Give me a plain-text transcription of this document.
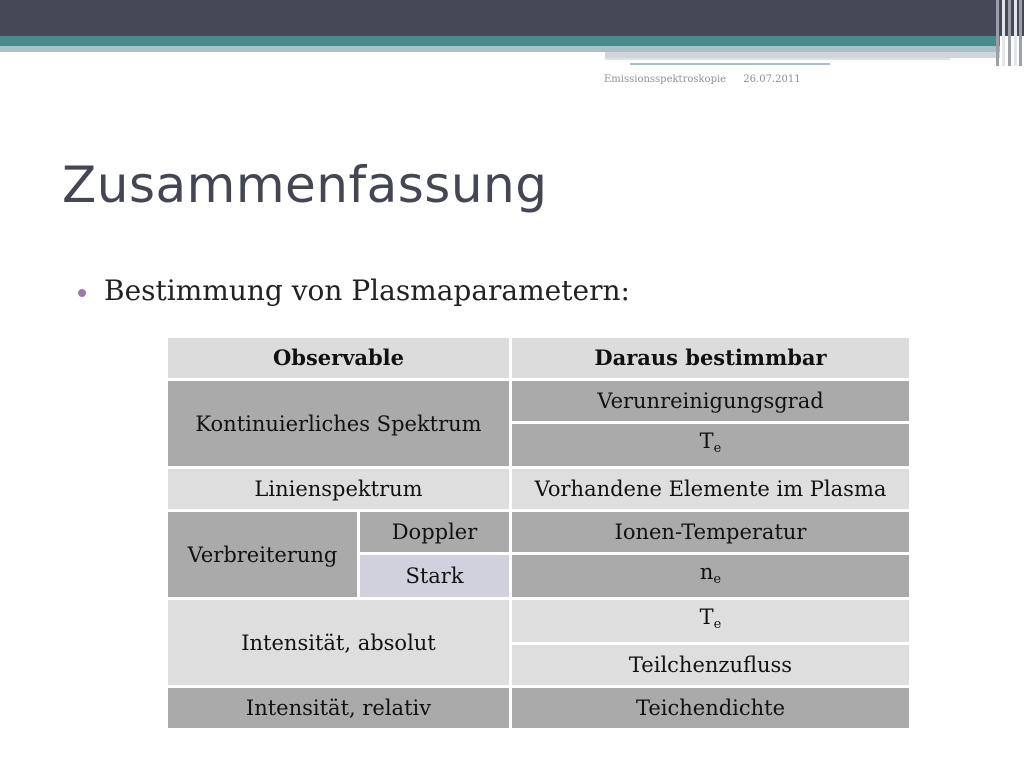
Emissionsspektroskopie 26.07.2011
Zusammenfassung
Bestimmung von Plasmaparametern:
Observable		Daraus bestimmbar
Kontinuierliches Spektrum		Verunreinigungsgrad
		$T_e$
Linienspektrum		Vorhandene Elemente im Plasma
Verbreiterung	Doppler	Ionen-Temperatur
	Stark	$n_e$
Intensität, absolut		$T_e$
		Teilchenzufluss
Intensität, relativ		Teichendichte
